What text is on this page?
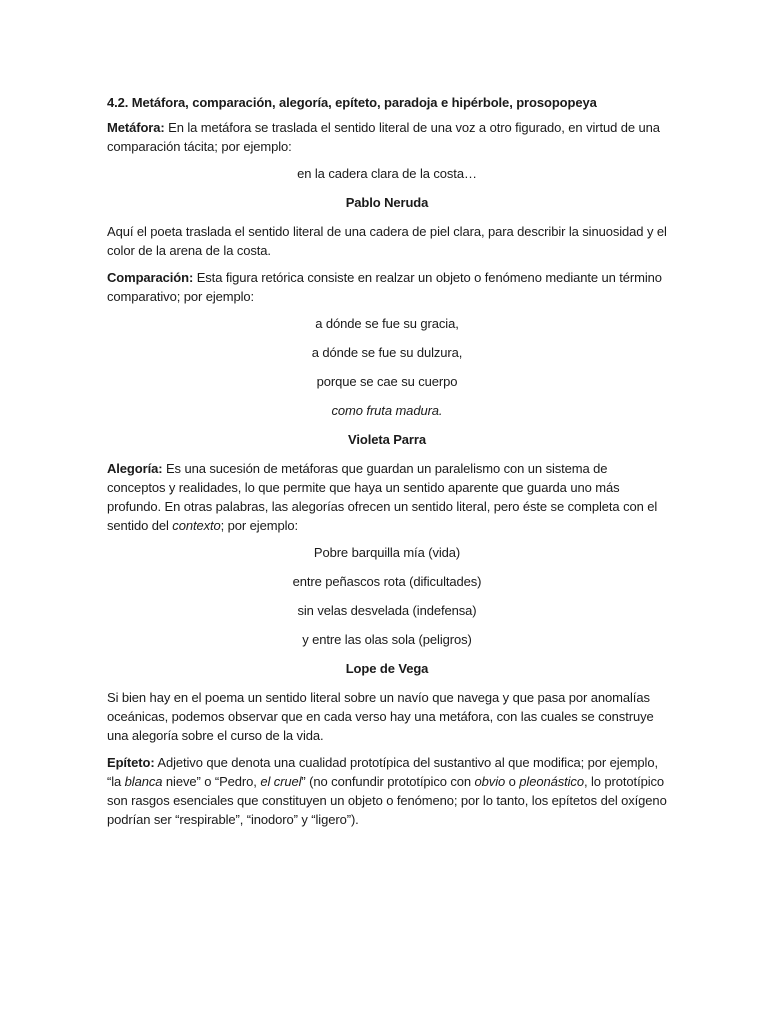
4.2. Metáfora, comparación, alegoría, epíteto, paradoja e hipérbole, prosopopeya

Metáfora: En la metáfora se traslada el sentido literal de una voz a otro figurado, en virtud de una comparación tácita; por ejemplo:

en la cadera clara de la costa…

Pablo Neruda

Aquí el poeta traslada el sentido literal de una cadera de piel clara, para describir la sinuosidad y el color de la arena de la costa.

Comparación: Esta figura retórica consiste en realzar un objeto o fenómeno mediante un término comparativo; por ejemplo:

a dónde se fue su gracia,

a dónde se fue su dulzura,

porque se cae su cuerpo

como fruta madura.

Violeta Parra

Alegoría: Es una sucesión de metáforas que guardan un paralelismo con un sistema de conceptos y realidades, lo que permite que haya un sentido aparente que guarda uno más profundo. En otras palabras, las alegorías ofrecen un sentido literal, pero éste se completa con el sentido del contexto; por ejemplo:

Pobre barquilla mía (vida)

entre peñascos rota (dificultades)

sin velas desvelada (indefensa)

y entre las olas sola (peligros)

Lope de Vega

Si bien hay en el poema un sentido literal sobre un navío que navega y que pasa por anomalías oceánicas, podemos observar que en cada verso hay una metáfora, con las cuales se construye una alegoría sobre el curso de la vida.

Epíteto: Adjetivo que denota una cualidad prototípica del sustantivo al que modifica; por ejemplo, “la blanca nieve” o “Pedro, el cruel” (no confundir prototípico con obvio o pleonástico, lo prototípico son rasgos esenciales que constituyen un objeto o fenómeno; por lo tanto, los epítetos del oxígeno podrían ser “respirable”, “inodoro” y “ligero”).
